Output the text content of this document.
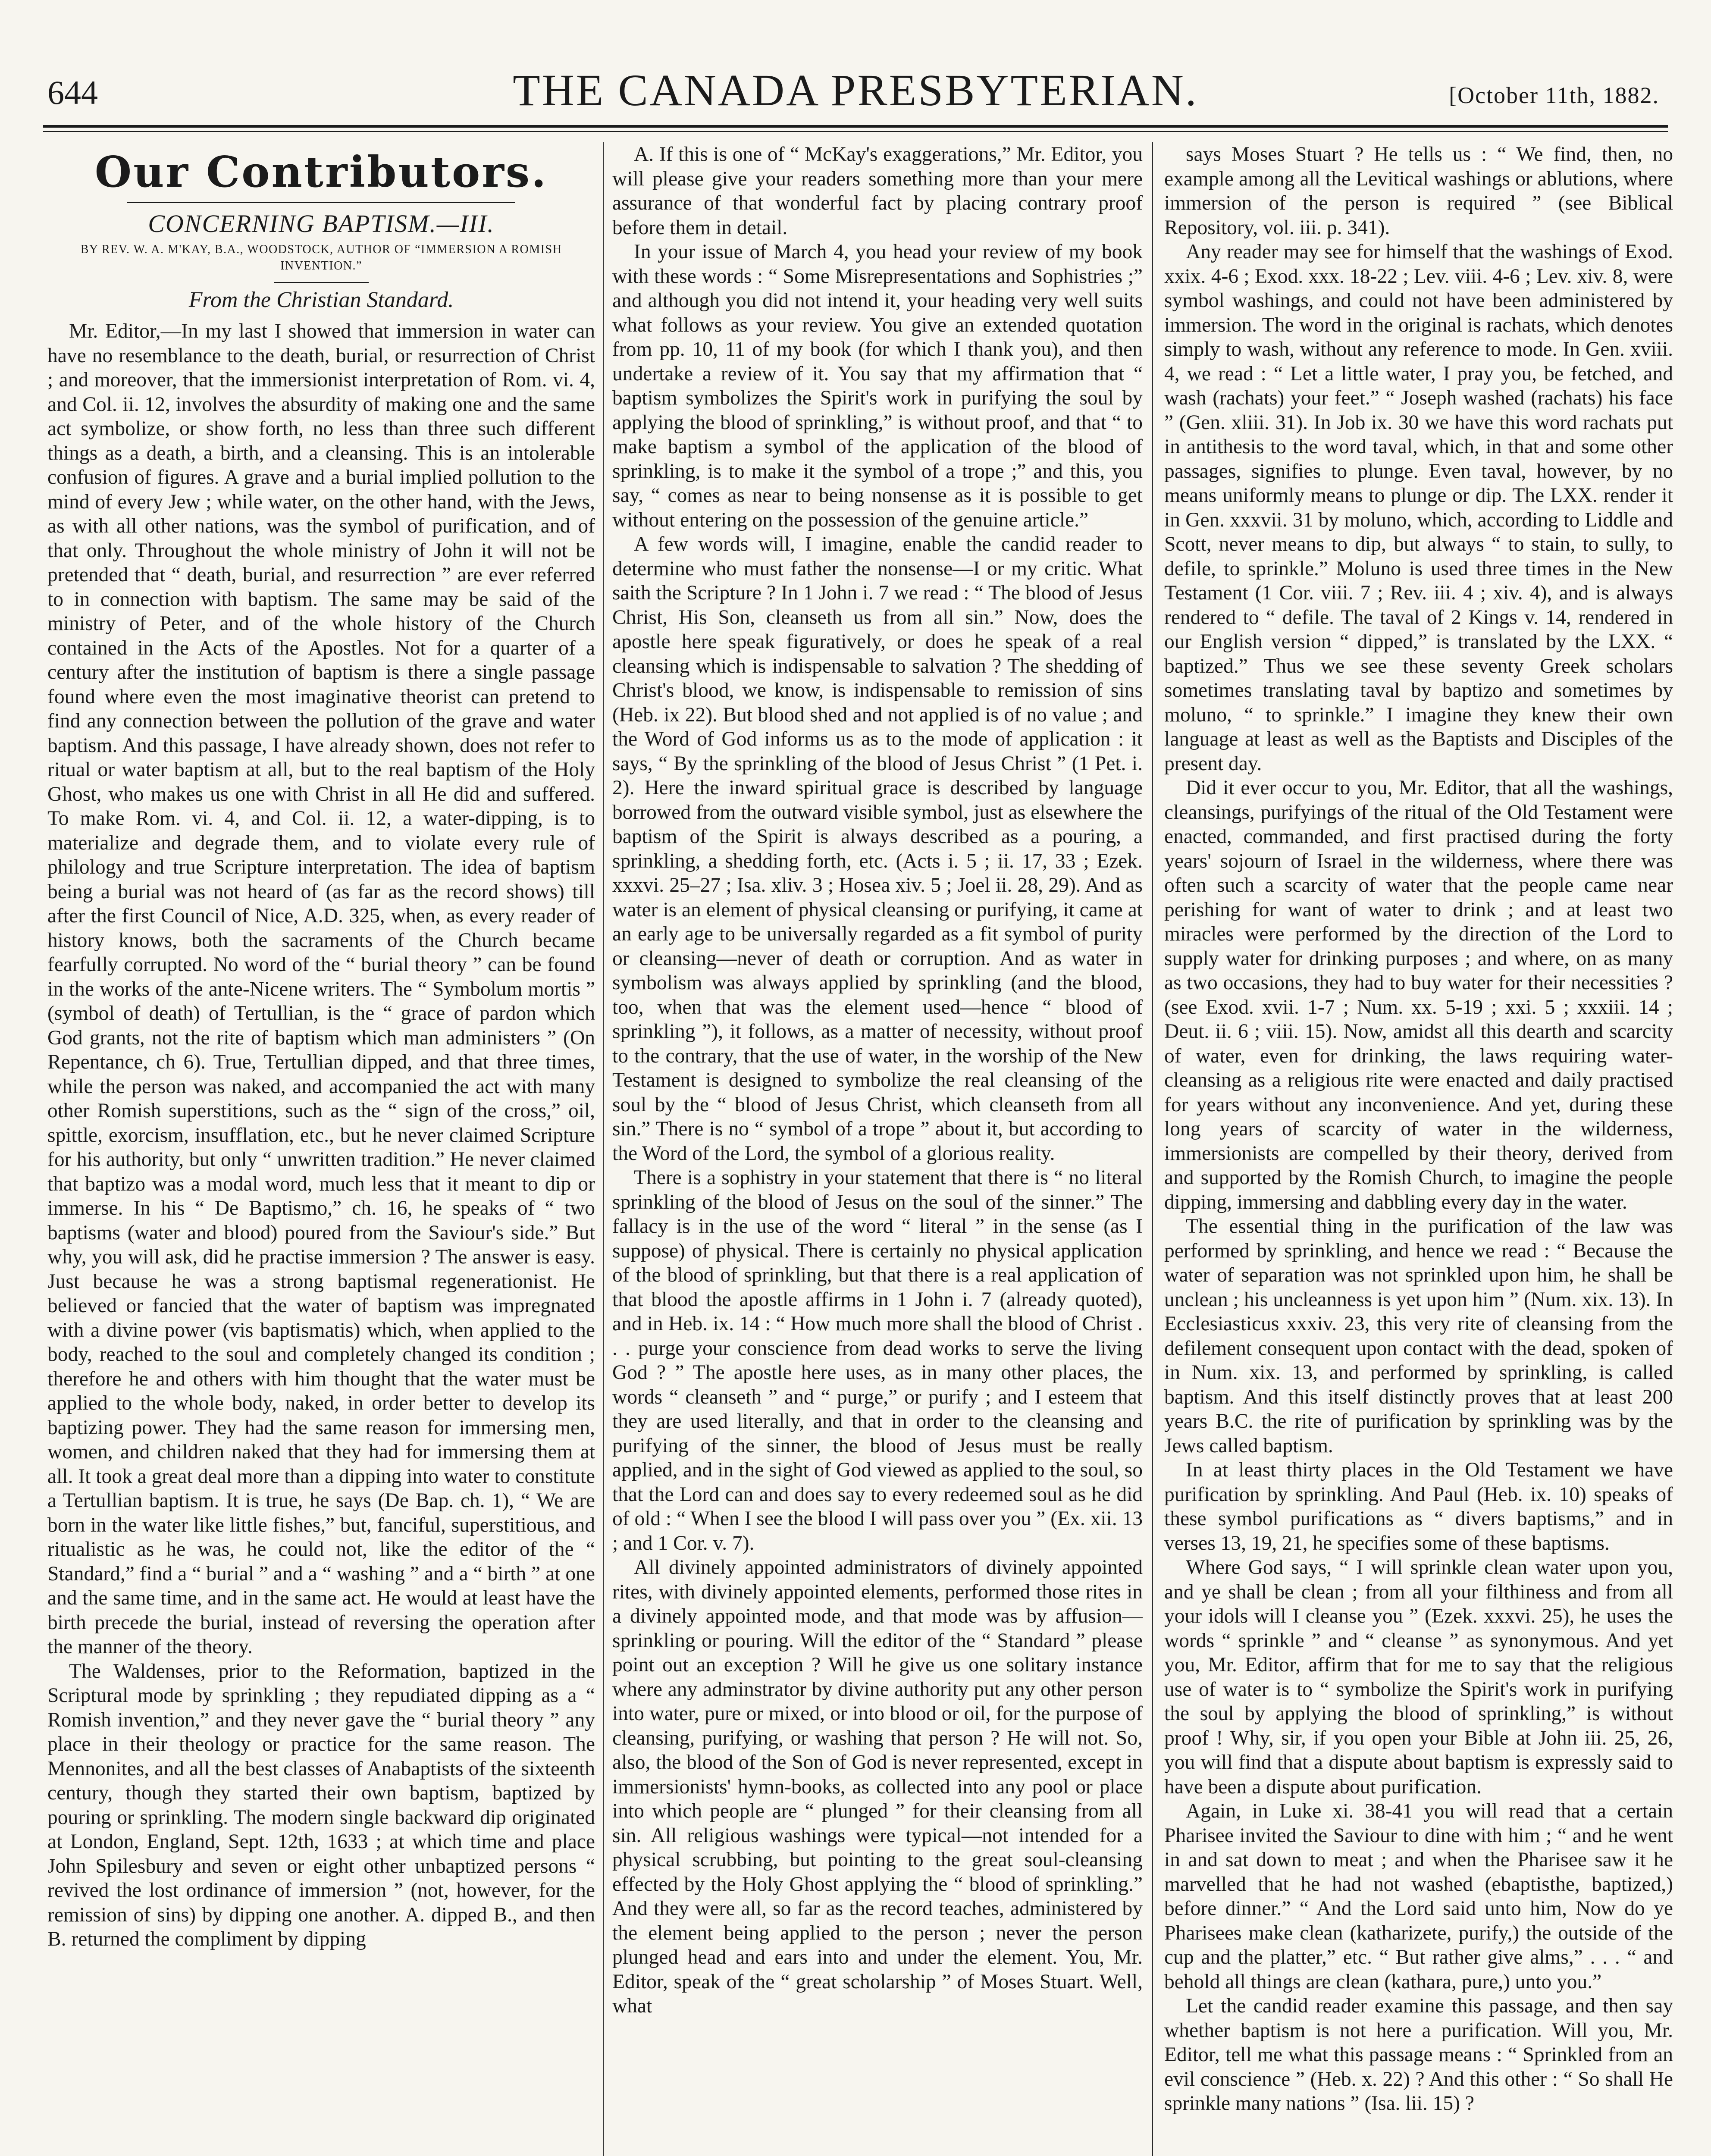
644	THE CANADA PRESBYTERIAN.	[October 11th, 1882.
Our Contributors.
CONCERNING BAPTISM.—III.
BY REV. W. A. M'KAY, B.A., WOODSTOCK, AUTHOR OF “IMMERSION A ROMISH INVENTION.”
From the Christian Standard.

Mr. Editor,—In my last I showed that immersion in water can have no resemblance to the death, burial, or resurrection of Christ ; and moreover, that the immersionist interpretation of Rom. vi. 4, and Col. ii. 12, involves the absurdity of making one and the same act symbolize, or show forth, no less than three such different things as a death, a birth, and a cleansing. This is an intolerable confusion of figures. A grave and a burial implied pollution to the mind of every Jew ; while water, on the other hand, with the Jews, as with all other nations, was the symbol of purification, and of that only. Throughout the whole ministry of John it will not be pretended that “ death, burial, and resurrection ” are ever referred to in connection with baptism. The same may be said of the ministry of Peter, and of the whole history of the Church contained in the Acts of the Apostles. Not for a quarter of a century after the institution of baptism is there a single passage found where even the most imaginative theorist can pretend to find any connection between the pollution of the grave and water baptism. And this passage, I have already shown, does not refer to ritual or water baptism at all, but to the real baptism of the Holy Ghost, who makes us one with Christ in all He did and suffered. To make Rom. vi. 4, and Col. ii. 12, a water-dipping, is to materialize and degrade them, and to violate every rule of philology and true Scripture interpretation. The idea of baptism being a burial was not heard of (as far as the record shows) till after the first Council of Nice, A.D. 325, when, as every reader of history knows, both the sacraments of the Church became fearfully corrupted. No word of the “ burial theory ” can be found in the works of the ante-Nicene writers. The “ Symbolum mortis ” (symbol of death) of Tertullian, is the “ grace of pardon which God grants, not the rite of baptism which man administers ” (On Repentance, ch 6). True, Tertullian dipped, and that three times, while the person was naked, and accompanied the act with many other Romish superstitions, such as the “ sign of the cross,” oil, spittle, exorcism, insufflation, etc., but he never claimed Scripture for his authority, but only “ unwritten tradition.” He never claimed that baptizo was a modal word, much less that it meant to dip or immerse. In his “ De Baptismo,” ch. 16, he speaks of “ two baptisms (water and blood) poured from the Saviour's side.” But why, you will ask, did he practise immersion ? The answer is easy. Just because he was a strong baptismal regenerationist. He believed or fancied that the water of baptism was impregnated with a divine power (vis baptismatis) which, when applied to the body, reached to the soul and completely changed its condition ; therefore he and others with him thought that the water must be applied to the whole body, naked, in order better to develop its baptizing power. They had the same reason for immersing men, women, and children naked that they had for immersing them at all. It took a great deal more than a dipping into water to constitute a Tertullian baptism. It is true, he says (De Bap. ch. 1), “ We are born in the water like little fishes,” but, fanciful, superstitious, and ritualistic as he was, he could not, like the editor of the “ Standard,” find a “ burial ” and a “ washing ” and a “ birth ” at one and the same time, and in the same act. He would at least have the birth precede the burial, instead of reversing the operation after the manner of the theory.

The Waldenses, prior to the Reformation, baptized in the Scriptural mode by sprinkling ; they repudiated dipping as a “ Romish invention,” and they never gave the “ burial theory ” any place in their theology or practice for the same reason. The Mennonites, and all the best classes of Anabaptists of the sixteenth century, though they started their own baptism, baptized by pouring or sprinkling. The modern single backward dip originated at London, England, Sept. 12th, 1633 ; at which time and place John Spilesbury and seven or eight other unbaptized persons “ revived the lost ordinance of immersion ” (not, however, for the remission of sins) by dipping one another. A. dipped B., and then B. returned the compliment by dipping

A. If this is one of “ McKay's exaggerations,” Mr. Editor, you will please give your readers something more than your mere assurance of that wonderful fact by placing contrary proof before them in detail.

In your issue of March 4, you head your review of my book with these words : “ Some Misrepresentations and Sophistries ;” and although you did not intend it, your heading very well suits what follows as your review. You give an extended quotation from pp. 10, 11 of my book (for which I thank you), and then undertake a review of it. You say that my affirmation that “ baptism symbolizes the Spirit's work in purifying the soul by applying the blood of sprinkling,” is without proof, and that “ to make baptism a symbol of the application of the blood of sprinkling, is to make it the symbol of a trope ;” and this, you say, “ comes as near to being nonsense as it is possible to get without entering on the possession of the genuine article.”

A few words will, I imagine, enable the candid reader to determine who must father the nonsense—I or my critic. What saith the Scripture ? In 1 John i. 7 we read : “ The blood of Jesus Christ, His Son, cleanseth us from all sin.” Now, does the apostle here speak figuratively, or does he speak of a real cleansing which is indispensable to salvation ? The shedding of Christ's blood, we know, is indispensable to remission of sins (Heb. ix 22). But blood shed and not applied is of no value ; and the Word of God informs us as to the mode of application : it says, “ By the sprinkling of the blood of Jesus Christ ” (1 Pet. i. 2). Here the inward spiritual grace is described by language borrowed from the outward visible symbol, just as elsewhere the baptism of the Spirit is always described as a pouring, a sprinkling, a shedding forth, etc. (Acts i. 5 ; ii. 17, 33 ; Ezek. xxxvi. 25–27 ; Isa. xliv. 3 ; Hosea xiv. 5 ; Joel ii. 28, 29). And as water is an element of physical cleansing or purifying, it came at an early age to be universally regarded as a fit symbol of purity or cleansing—never of death or corruption. And as water in symbolism was always applied by sprinkling (and the blood, too, when that was the element used—hence “ blood of sprinkling ”), it follows, as a matter of necessity, without proof to the contrary, that the use of water, in the worship of the New Testament is designed to symbolize the real cleansing of the soul by the “ blood of Jesus Christ, which cleanseth from all sin.” There is no “ symbol of a trope ” about it, but according to the Word of the Lord, the symbol of a glorious reality.

There is a sophistry in your statement that there is “ no literal sprinkling of the blood of Jesus on the soul of the sinner.” The fallacy is in the use of the word “ literal ” in the sense (as I suppose) of physical. There is certainly no physical application of the blood of sprinkling, but that there is a real application of that blood the apostle affirms in 1 John i. 7 (already quoted), and in Heb. ix. 14 : “ How much more shall the blood of Christ . . . purge your conscience from dead works to serve the living God ? ” The apostle here uses, as in many other places, the words “ cleanseth ” and “ purge,” or purify ; and I esteem that they are used literally, and that in order to the cleansing and purifying of the sinner, the blood of Jesus must be really applied, and in the sight of God viewed as applied to the soul, so that the Lord can and does say to every redeemed soul as he did of old : “ When I see the blood I will pass over you ” (Ex. xii. 13 ; and 1 Cor. v. 7).

All divinely appointed administrators of divinely appointed rites, with divinely appointed elements, performed those rites in a divinely appointed mode, and that mode was by affusion—sprinkling or pouring. Will the editor of the “ Standard ” please point out an exception ? Will he give us one solitary instance where any adminstrator by divine authority put any other person into water, pure or mixed, or into blood or oil, for the purpose of cleansing, purifying, or washing that person ? He will not. So, also, the blood of the Son of God is never represented, except in immersionists' hymn-books, as collected into any pool or place into which people are “ plunged ” for their cleansing from all sin. All religious washings were typical—not intended for a physical scrubbing, but pointing to the great soul-cleansing effected by the Holy Ghost applying the “ blood of sprinkling.” And they were all, so far as the record teaches, administered by the element being applied to the person ; never the person plunged head and ears into and under the element. You, Mr. Editor, speak of the “ great scholarship ” of Moses Stuart. Well, what

says Moses Stuart ? He tells us : “ We find, then, no example among all the Levitical washings or ablutions, where immersion of the person is required ” (see Biblical Repository, vol. iii. p. 341).

Any reader may see for himself that the washings of Exod. xxix. 4-6 ; Exod. xxx. 18-22 ; Lev. viii. 4-6 ; Lev. xiv. 8, were symbol washings, and could not have been administered by immersion. The word in the original is rachats, which denotes simply to wash, without any reference to mode. In Gen. xviii. 4, we read : “ Let a little water, I pray you, be fetched, and wash (rachats) your feet.” “ Joseph washed (rachats) his face ” (Gen. xliii. 31). In Job ix. 30 we have this word rachats put in antithesis to the word taval, which, in that and some other passages, signifies to plunge. Even taval, however, by no means uniformly means to plunge or dip. The LXX. render it in Gen. xxxvii. 31 by moluno, which, according to Liddle and Scott, never means to dip, but always “ to stain, to sully, to defile, to sprinkle.” Moluno is used three times in the New Testament (1 Cor. viii. 7 ; Rev. iii. 4 ; xiv. 4), and is always rendered to “ defile. The taval of 2 Kings v. 14, rendered in our English version “ dipped,” is translated by the LXX. “ baptized.” Thus we see these seventy Greek scholars sometimes translating taval by baptizo and sometimes by moluno, “ to sprinkle.” I imagine they knew their own language at least as well as the Baptists and Disciples of the present day.

Did it ever occur to you, Mr. Editor, that all the washings, cleansings, purifyings of the ritual of the Old Testament were enacted, commanded, and first practised during the forty years' sojourn of Israel in the wilderness, where there was often such a scarcity of water that the people came near perishing for want of water to drink ; and at least two miracles were performed by the direction of the Lord to supply water for drinking purposes ; and where, on as many as two occasions, they had to buy water for their necessities ? (see Exod. xvii. 1-7 ; Num. xx. 5-19 ; xxi. 5 ; xxxiii. 14 ; Deut. ii. 6 ; viii. 15). Now, amidst all this dearth and scarcity of water, even for drinking, the laws requiring water-cleansing as a religious rite were enacted and daily practised for years without any inconvenience. And yet, during these long years of scarcity of water in the wilderness, immersionists are compelled by their theory, derived from and supported by the Romish Church, to imagine the people dipping, immersing and dabbling every day in the water.

The essential thing in the purification of the law was performed by sprinkling, and hence we read : “ Because the water of separation was not sprinkled upon him, he shall be unclean ; his uncleanness is yet upon him ” (Num. xix. 13). In Ecclesiasticus xxxiv. 23, this very rite of cleansing from the defilement consequent upon contact with the dead, spoken of in Num. xix. 13, and performed by sprinkling, is called baptism. And this itself distinctly proves that at least 200 years B.C. the rite of purification by sprinkling was by the Jews called baptism.

In at least thirty places in the Old Testament we have purification by sprinkling. And Paul (Heb. ix. 10) speaks of these symbol purifications as “ divers baptisms,” and in verses 13, 19, 21, he specifies some of these baptisms.

Where God says, “ I will sprinkle clean water upon you, and ye shall be clean ; from all your filthiness and from all your idols will I cleanse you ” (Ezek. xxxvi. 25), he uses the words “ sprinkle ” and “ cleanse ” as synonymous. And yet you, Mr. Editor, affirm that for me to say that the religious use of water is to “ symbolize the Spirit's work in purifying the soul by applying the blood of sprinkling,” is without proof ! Why, sir, if you open your Bible at John iii. 25, 26, you will find that a dispute about baptism is expressly said to have been a dispute about purification.

Again, in Luke xi. 38-41 you will read that a certain Pharisee invited the Saviour to dine with him ; “ and he went in and sat down to meat ; and when the Pharisee saw it he marvelled that he had not washed (ebaptisthe, baptized,) before dinner.” “ And the Lord said unto him, Now do ye Pharisees make clean (katharizete, purify,) the outside of the cup and the platter,” etc. “ But rather give alms,” . . . “ and behold all things are clean (kathara, pure,) unto you.”

Let the candid reader examine this passage, and then say whether baptism is not here a purification. Will you, Mr. Editor, tell me what this passage means : “ Sprinkled from an evil conscience ” (Heb. x. 22) ? And this other : “ So shall He sprinkle many nations ” (Isa. lii. 15) ?
